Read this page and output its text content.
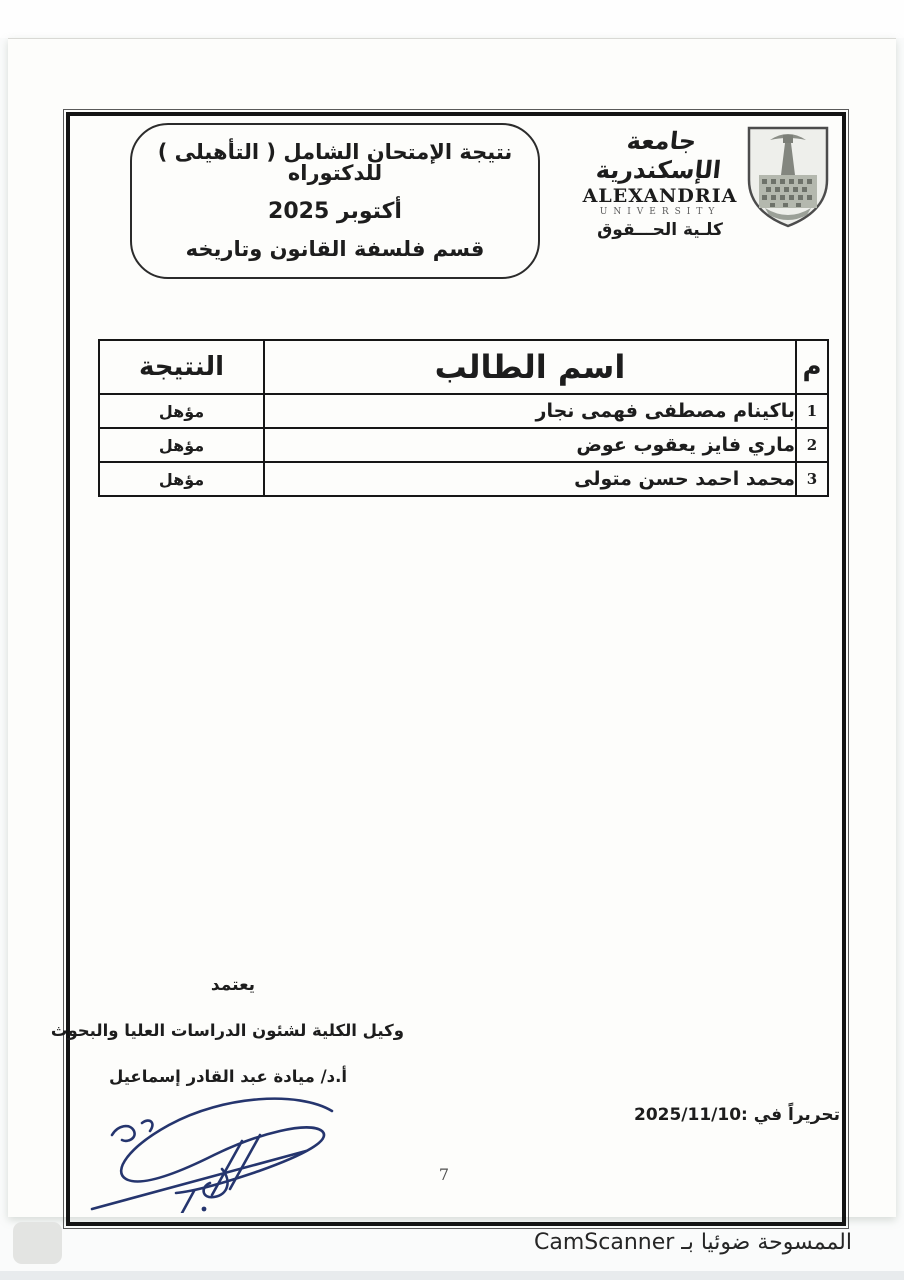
نتيجة الإمتحان الشامل ( التأهيلى ) للدكتوراه
أكتوبر 2025
قسم فلسفة القانون وتاريخه
جامعة الإسكندرية
ALEXANDRIA
UNIVERSITY
كلـية الحـــقوق
م	اسم الطالب	النتيجة
1	باكينام مصطفى فهمى نجار	مؤهل
2	ماري فايز يعقوب عوض	مؤهل
3	محمد احمد حسن متولى	مؤهل
يعتمد
وكيل الكلية لشئون الدراسات العليا والبحوث
أ.د/ ميادة عبد القادر إسماعيل
تحريراً في :2025/11/10
7
الممسوحة ضوئيا بـ CamScanner
